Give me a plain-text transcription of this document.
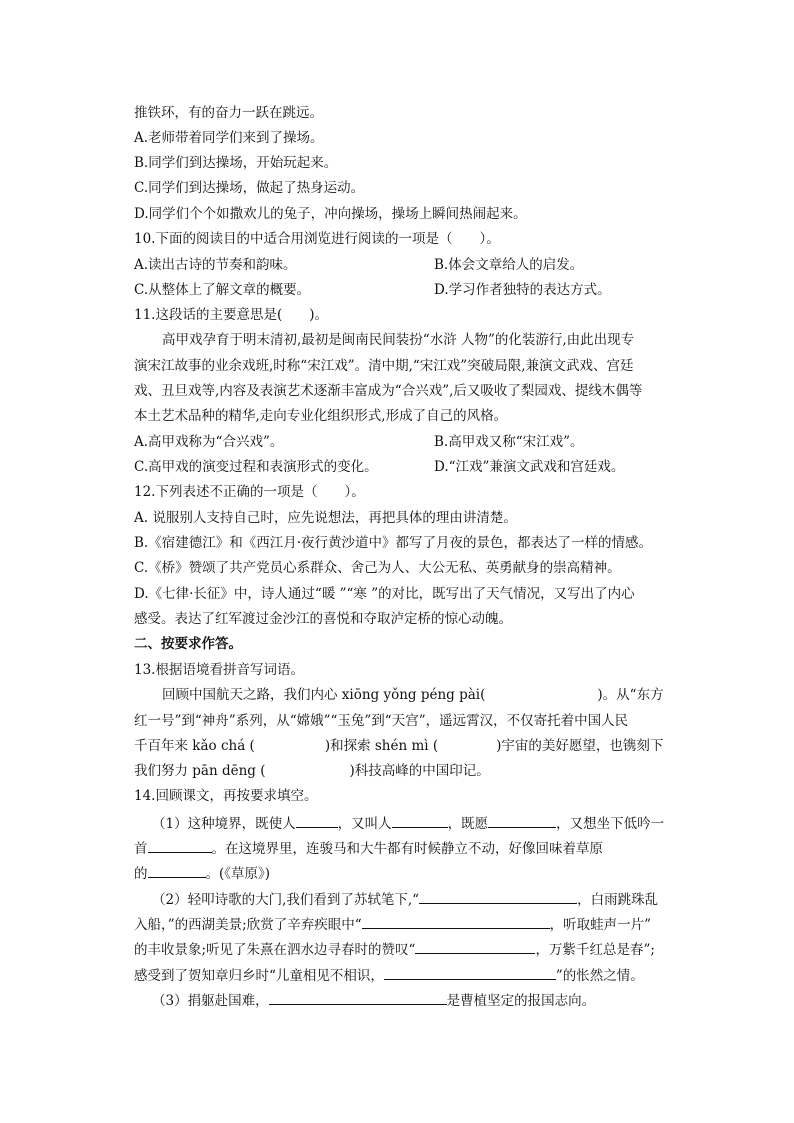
推铁环，有的奋力一跃在跳远。
A.老师带着同学们来到了操场。
B.同学们到达操场，开始玩起来。
C.同学们到达操场，做起了热身运动。
D.同学们个个如撒欢儿的兔子，冲向操场，操场上瞬间热闹起来。
10.下面的阅读目的中适合用浏览进行阅读的一项是（　　）。
A.读出古诗的节奏和韵味。	B.体会文章给人的启发。
C.从整体上了解文章的概要。	D.学习作者独特的表达方式。
11.这段话的主要意思是(　　)。
高甲戏孕育于明末清初,最初是闽南民间装扮“水浒 人物”的化装游行,由此出现专
演宋江故事的业余戏班,时称“宋江戏”。清中期,“宋江戏”突破局限,兼演文武戏、宫廷
戏、丑旦戏等,内容及表演艺术逐渐丰富成为“合兴戏”,后又吸收了梨园戏、提线木偶等
本土艺术品种的精华,走向专业化组织形式,形成了自己的风格。
A.高甲戏称为“合兴戏”。	B.高甲戏又称“宋江戏”。
C.高甲戏的演变过程和表演形式的变化。	D.“江戏”兼演文武戏和宫廷戏。
12.下列表述不正确的一项是（　　）。
A. 说服别人支持自己时，应先说想法，再把具体的理由讲清楚。
B.《宿建德江》和《西江月·夜行黄沙道中》都写了月夜的景色，都表达了一样的情感。
C.《桥》赞颂了共产党员心系群众、舍己为人、大公无私、英勇献身的崇高精神。
D.《七律·长征》中，诗人通过“暖 ”“寒 ”的对比，既写出了天气情况，又写出了内心
感受。表达了红军渡过金沙江的喜悦和夺取泸定桥的惊心动魄。
二、按要求作答。
13.根据语境看拼音写词语。
回顾中国航天之路，我们内心 xiōng yǒng péng pài(	)。从“东方
红一号”到“神舟”系列，从“嫦娥”“玉兔”到“天宫”，遥远霄汉，不仅寄托着中国人民
千百年来 kǎo chá (	)和探索 shén mì (	)宇宙的美好愿望，也镌刻下
我们努力 pān dēng (	)科技高峰的中国印记。
14.回顾课文，再按要求填空。
（1）这种境界，既使人	，又叫人	，既愿	，又想坐下低吟一
首	。在这境界里，连骏马和大牛都有时候静立不动，好像回味着草原
的	。(《草原》)
（2）轻叩诗歌的大门,我们看到了苏轼笔下,“	，白雨跳珠乱
入船，”的西湖美景;欣赏了辛弃疾眼中“	，听取蛙声一片”
的丰收景象;听见了朱熹在泗水边寻春时的赞叹“	，万紫千红总是春”;
感受到了贺知章归乡时“儿童相见不相识，	”的怅然之情。
（3）捐躯赴国难，	是曹植坚定的报国志向。
